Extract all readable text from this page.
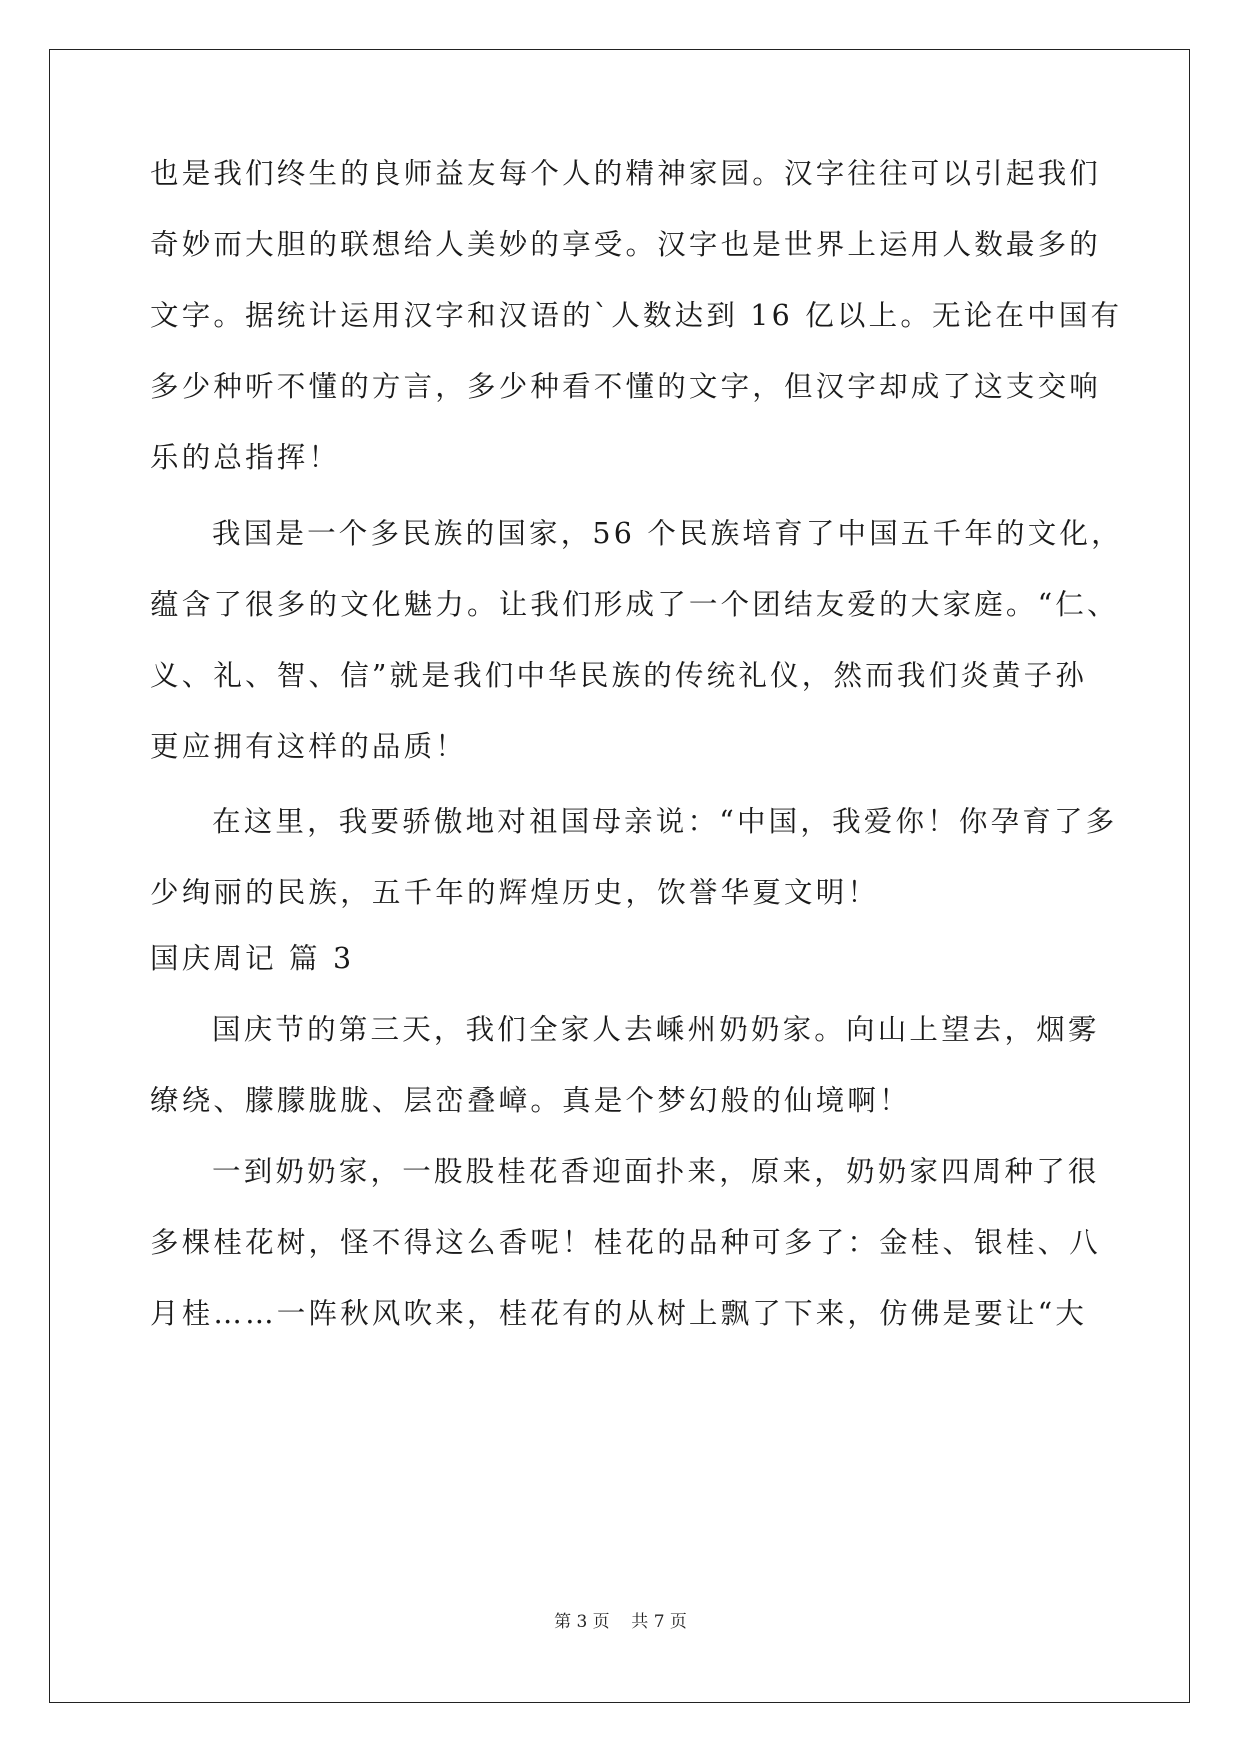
也是我们终生的良师益友每个人的精神家园。汉字往往可以引起我们
奇妙而大胆的联想给人美妙的享受。汉字也是世界上运用人数最多的
文字。据统计运用汉字和汉语的`人数达到 16 亿以上。无论在中国有
多少种听不懂的方言，多少种看不懂的文字，但汉字却成了这支交响
乐的总指挥！
我国是一个多民族的国家，56 个民族培育了中国五千年的文化，
蕴含了很多的文化魅力。让我们形成了一个团结友爱的大家庭。“仁、
义、礼、智、信”就是我们中华民族的传统礼仪，然而我们炎黄子孙
更应拥有这样的品质！
在这里，我要骄傲地对祖国母亲说：“中国，我爱你！你孕育了多
少绚丽的民族，五千年的辉煌历史，饮誉华夏文明！
国庆周记 篇 3
国庆节的第三天，我们全家人去嵊州奶奶家。向山上望去，烟雾
缭绕、朦朦胧胧、层峦叠嶂。真是个梦幻般的仙境啊！
一到奶奶家，一股股桂花香迎面扑来，原来，奶奶家四周种了很
多棵桂花树，怪不得这么香呢！桂花的品种可多了：金桂、银桂、八
月桂……一阵秋风吹来，桂花有的从树上飘了下来，仿佛是要让“大
第 3 页    共 7 页
